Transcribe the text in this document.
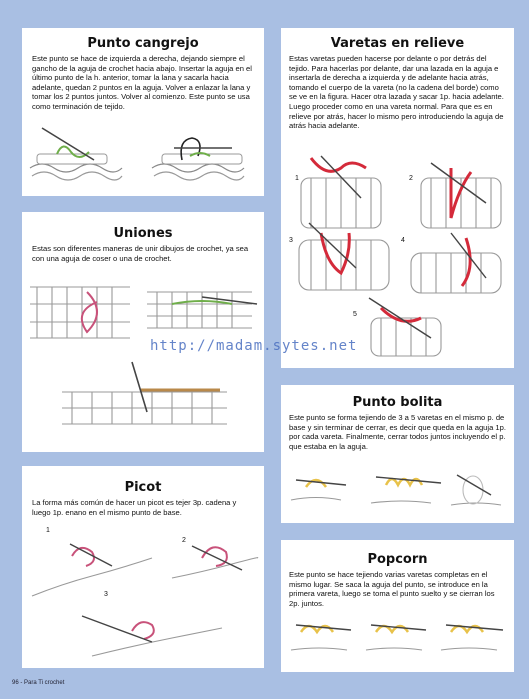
Punto cangrejo

Este punto se hace de izquierda a derecha, dejando siempre el gancho de la aguja de crochet hacia abajo. Insertar la aguja en el último punto de la h. anterior, tomar la lana y sacarla hacia adelante, quedan 2 puntos en la aguja. Volver a enlazar la lana y tomar los 2 puntos juntos. Volver al comienzo. Este punto se usa como terminación de tejido.

Uniones

Estas son diferentes maneras de unir dibujos de crochet, ya sea con una aguja de coser o una de crochet.

Picot

La forma más común de hacer un picot es tejer 3p. cadena y luego 1p. enano en el mismo punto de base.

1
2
3
Varetas en relieve

Estas varetas pueden hacerse por delante o por detrás del tejido. Para hacerlas por delante, dar una lazada en la aguja e insertarla de derecha a izquierda y de adelante hacia atrás, tomando el cuerpo de la vareta (no la cadena del borde) como se ve en la figura. Hacer otra lazada y sacar 1p. hacia adelante. Luego proceder como en una vareta normal. Para que es en relieve por atrás, hacer lo mismo pero introduciendo la aguja de atrás hacia adelante.

1	2
3	4
5
Punto bolita

Este punto se forma tejiendo de 3 a 5 varetas en el mismo p. de base y sin terminar de cerrar, es decir que queda en la aguja 1p. por cada vareta. Finalmente, cerrar todos juntos incluyendo el p. que estaba en la aguja.

Popcorn

Este punto se hace tejiendo varias varetas completas en el mismo lugar. Se saca la aguja del punto, se introduce en la primera vareta, luego se toma el punto suelto y se cierran los 2p. juntos.

http://madam.sytes.net
96 - Para Ti crochet
